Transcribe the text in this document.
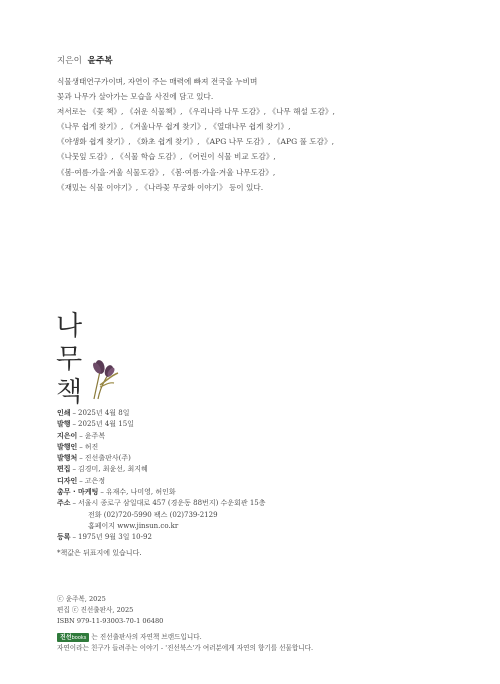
지은이 윤주복
식물생태연구가이며, 자연이 주는 매력에 빠져 전국을 누비며
꽃과 나무가 살아가는 모습을 사진에 담고 있다.
저서로는 《꽃 책》, 《쉬운 식물책》, 《우리나라 나무 도감》, 《나무 해설 도감》,
《나무 쉽게 찾기》, 《겨울나무 쉽게 찾기》, 《열대나무 쉽게 찾기》,
《야생화 쉽게 찾기》, 《화초 쉽게 찾기》, 《APG 나무 도감》, 《APG 풀 도감》,
《나뭇잎 도감》, 《식물 학습 도감》, 《어린이 식물 비교 도감》,
《봄·여름·가을·겨울 식물도감》, 《봄·여름·가을·겨울 나무도감》,
《재밌는 식물 이야기》, 《나라꽃 무궁화 이야기》 등이 있다.
나
무
책
인쇄 – 2025년 4월 8일
발행 – 2025년 4월 15일
지은이 – 윤주복
발행인 – 허진
발행처 – 진선출판사(주)
편집 – 김경미, 최윤선, 최지혜
디자인 – 고은정
총무 · 마케팅 – 유재수, 나미영, 허인화
주소 – 서울시 종로구 삼일대로 457 (경운동 88번지) 수운회관 15층
전화 (02)720-5990 팩스 (02)739-2129
홈페이지 www.jinsun.co.kr
등록 – 1975년 9월 3일 10-92
*책값은 뒤표지에 있습니다.
ⓒ 윤주복, 2025
편집 ⓒ 진선출판사, 2025
ISBN 979-11-93003-70-1 06480
진선books 는 진선출판사의 자연책 브랜드입니다.
자연이라는 친구가 들려주는 이야기 - '진선북스'가 여러분에게 자연의 향기를 선물합니다.
